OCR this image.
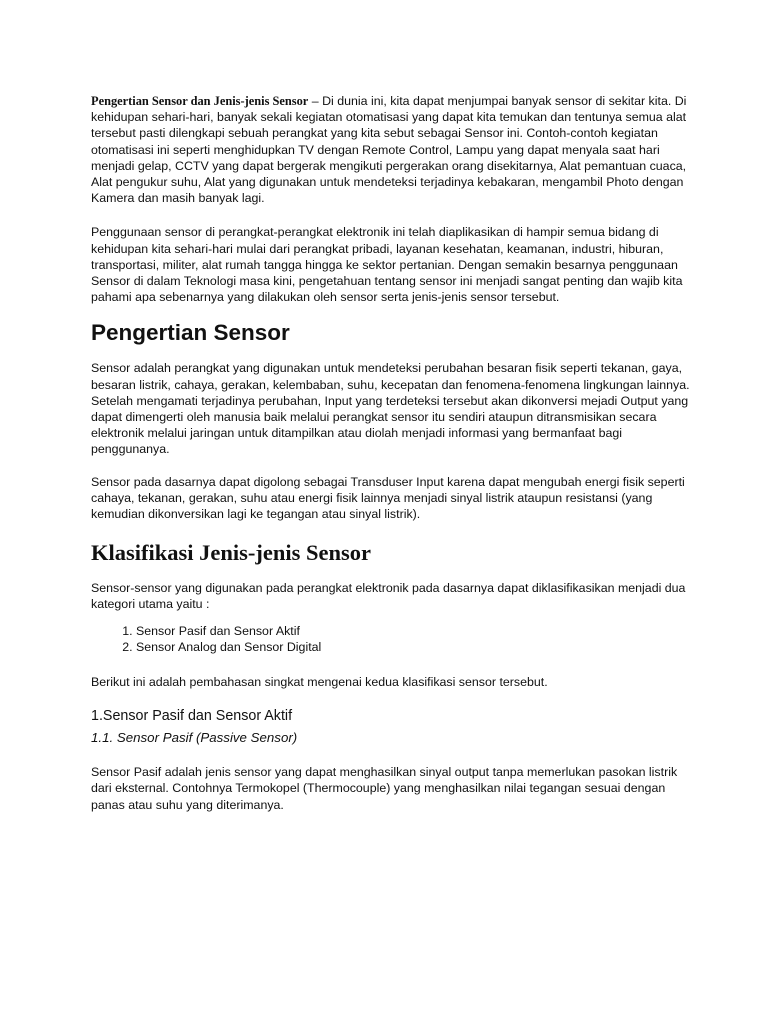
Pengertian Sensor dan Jenis-jenis Sensor – Di dunia ini, kita dapat menjumpai banyak sensor di sekitar kita. Di kehidupan sehari-hari, banyak sekali kegiatan otomatisasi yang dapat kita temukan dan tentunya semua alat tersebut pasti dilengkapi sebuah perangkat yang kita sebut sebagai Sensor ini. Contoh-contoh kegiatan otomatisasi ini seperti menghidupkan TV dengan Remote Control, Lampu yang dapat menyala saat hari menjadi gelap, CCTV yang dapat bergerak mengikuti pergerakan orang disekitarnya, Alat pemantuan cuaca, Alat pengukur suhu, Alat yang digunakan untuk mendeteksi terjadinya kebakaran, mengambil Photo dengan Kamera dan masih banyak lagi.

Penggunaan sensor di perangkat-perangkat elektronik ini telah diaplikasikan di hampir semua bidang di kehidupan kita sehari-hari mulai dari perangkat pribadi, layanan kesehatan, keamanan, industri, hiburan, transportasi, militer, alat rumah tangga hingga ke sektor pertanian. Dengan semakin besarnya penggunaan Sensor di dalam Teknologi masa kini, pengetahuan tentang sensor ini menjadi sangat penting dan wajib kita pahami apa sebenarnya yang dilakukan oleh sensor serta jenis-jenis sensor tersebut.

Pengertian Sensor

Sensor adalah perangkat yang digunakan untuk mendeteksi perubahan besaran fisik seperti tekanan, gaya, besaran listrik, cahaya, gerakan, kelembaban, suhu, kecepatan dan fenomena-fenomena lingkungan lainnya. Setelah mengamati terjadinya perubahan, Input yang terdeteksi tersebut akan dikonversi mejadi Output yang dapat dimengerti oleh manusia baik melalui perangkat sensor itu sendiri ataupun ditransmisikan secara elektronik melalui jaringan untuk ditampilkan atau diolah menjadi informasi yang bermanfaat bagi penggunanya.

Sensor pada dasarnya dapat digolong sebagai Transduser Input karena dapat mengubah energi fisik seperti cahaya, tekanan, gerakan, suhu atau energi fisik lainnya menjadi sinyal listrik ataupun resistansi (yang kemudian dikonversikan lagi ke tegangan atau sinyal listrik).

Klasifikasi Jenis-jenis Sensor

Sensor-sensor yang digunakan pada perangkat elektronik pada dasarnya dapat diklasifikasikan menjadi dua kategori utama yaitu :

1. Sensor Pasif dan Sensor Aktif
2. Sensor Analog dan Sensor Digital

Berikut ini adalah pembahasan singkat mengenai kedua klasifikasi sensor tersebut.

1.Sensor Pasif dan Sensor Aktif
1.1. Sensor Pasif (Passive Sensor)

Sensor Pasif adalah jenis sensor yang dapat menghasilkan sinyal output tanpa memerlukan pasokan listrik dari eksternal. Contohnya Termokopel (Thermocouple) yang menghasilkan nilai tegangan sesuai dengan panas atau suhu yang diterimanya.
